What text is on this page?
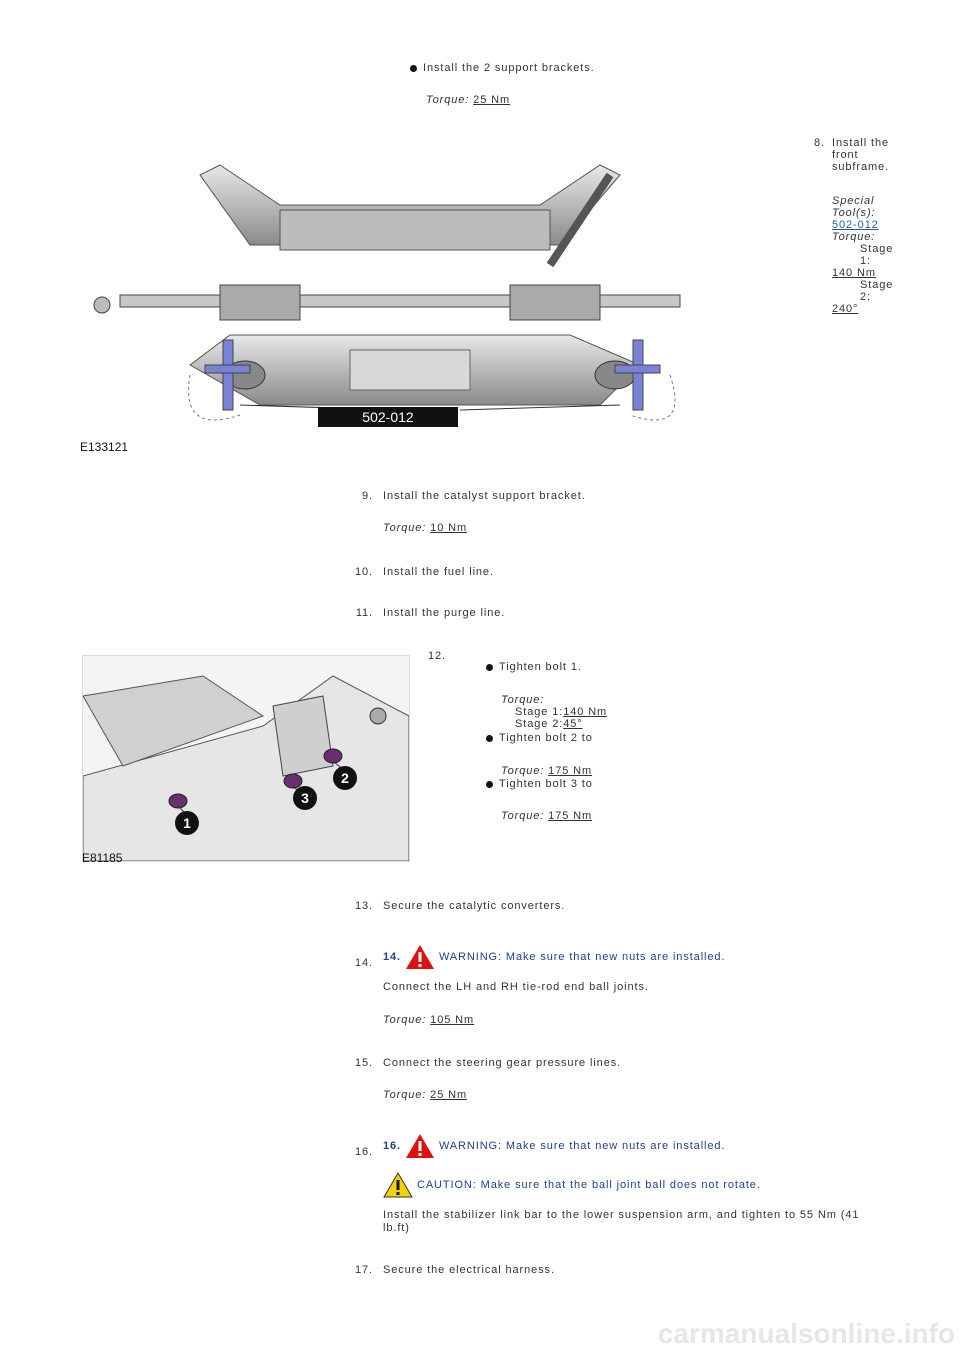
Install the 2 support brackets.
Torque: 25 Nm
502-012
E133121
8. Install the
front
subframe.
Special
Tool(s):
502-012
Torque:
Stage
1:
140 Nm
Stage
2:
240°
9. Install the catalyst support bracket.
Torque: 10 Nm
10. Install the fuel line.
11. Install the purge line.
1
2
3
E81185
12.
Tighten bolt 1.
Torque:
Stage 1:140 Nm
Stage 2:45°
Tighten bolt 2 to
Torque: 175 Nm
Tighten bolt 3 to
Torque: 175 Nm
13. Secure the catalytic converters.
14.
14.	WARNING: Make sure that new nuts are installed.
Connect the LH and RH tie-rod end ball joints.
Torque: 105 Nm
15. Connect the steering gear pressure lines.
Torque: 25 Nm
16.
16.	WARNING: Make sure that new nuts are installed.
CAUTION: Make sure that the ball joint ball does not rotate.
Install the stabilizer link bar to the lower suspension arm, and tighten to 55 Nm (41 lb.ft)
17. Secure the electrical harness.
carmanualsonline.info
